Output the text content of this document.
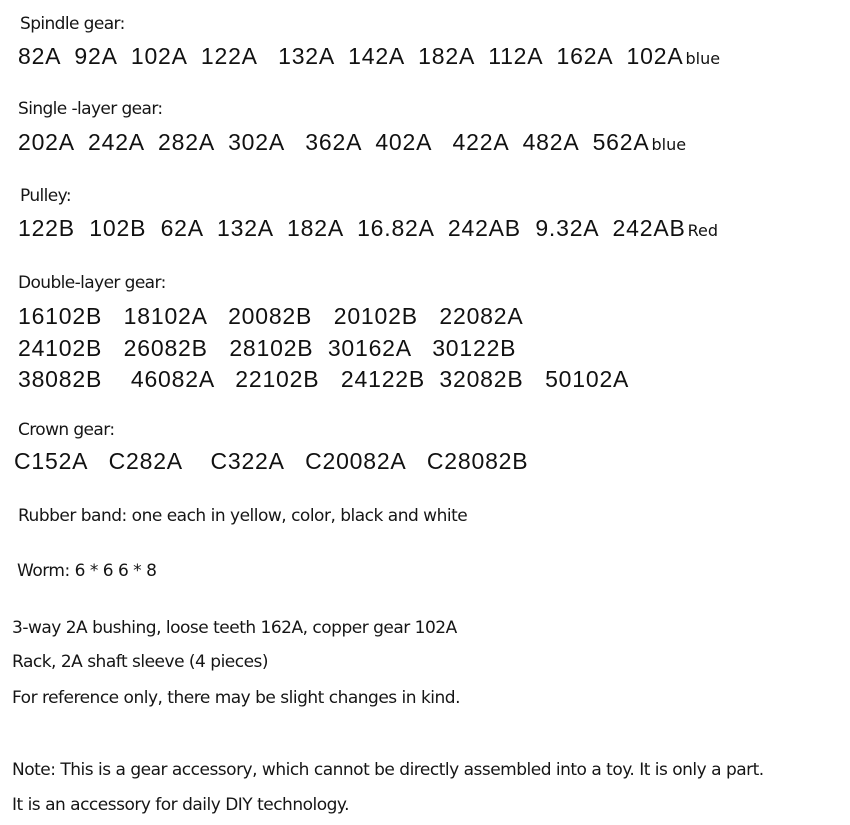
Spindle gear:
82A  92A  102A  122A   132A  142A  182A  112A  162A  102A blue
Single -layer gear:
202A  242A  282A  302A   362A  402A   422A  482A  562A blue
Pulley:
122B  102B  62A  132A  182A  16.82A  242AB  9.32A  242AB Red
Double-layer gear:
16102B   18102A   20082B   20102B   22082A
24102B   26082B   28102B  30162A   30122B
38082B    46082A   22102B   24122B  32082B   50102A
Crown gear:
C152A   C282A    C322A   C20082A   C28082B
Rubber band: one each in yellow, color, black and white
Worm: 6 * 6 6 * 8
3-way 2A bushing, loose teeth 162A, copper gear 102A
Rack, 2A shaft sleeve (4 pieces)
For reference only, there may be slight changes in kind.
Note: This is a gear accessory, which cannot be directly assembled into a toy. It is only a part.
It is an accessory for daily DIY technology.
